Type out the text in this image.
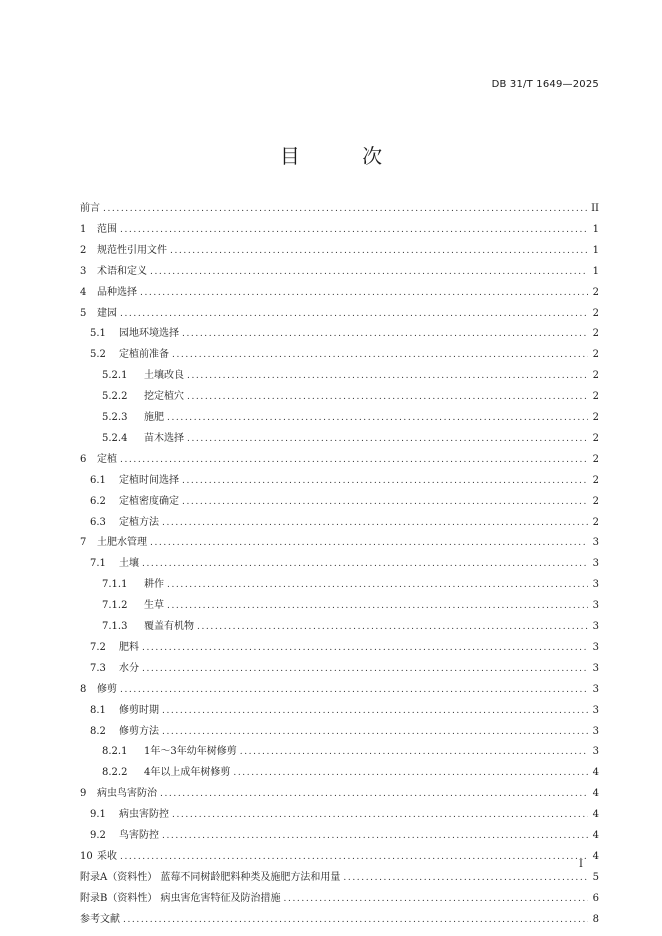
DB 31/T 1649—2025
目 次
前言 .....	II
1 范围 .....	1
2 规范性引用文件 .....	1
3 术语和定义 .....	1
4 品种选择 .....	2
5 建园 .....	2
5.1 园地环境选择 .....	2
5.2 定植前准备 .....	2
5.2.1 土壤改良 .....	2
5.2.2 挖定植穴 .....	2
5.2.3 施肥 .....	2
5.2.4 苗木选择 .....	2
6 定植 .....	2
6.1 定植时间选择 .....	2
6.2 定植密度确定 .....	2
6.3 定植方法 .....	2
7 土肥水管理 .....	3
7.1 土壤 .....	3
7.1.1 耕作 .....	3
7.1.2 生草 .....	3
7.1.3 覆盖有机物 .....	3
7.2 肥料 .....	3
7.3 水分 .....	3
8 修剪 .....	3
8.1 修剪时期 .....	3
8.2 修剪方法 .....	3
8.2.1 1年～3年幼年树修剪 .....	3
8.2.2 4年以上成年树修剪 .....	4
9 病虫鸟害防治 .....	4
9.1 病虫害防控 .....	4
9.2 鸟害防控 .....	4
10 采收 .....	4
附录A（资料性） 蓝莓不同树龄肥料种类及施肥方法和用量 .....	5
附录B（资料性） 病虫害危害特征及防治措施 .....	6
参考文献 .....	8
I
